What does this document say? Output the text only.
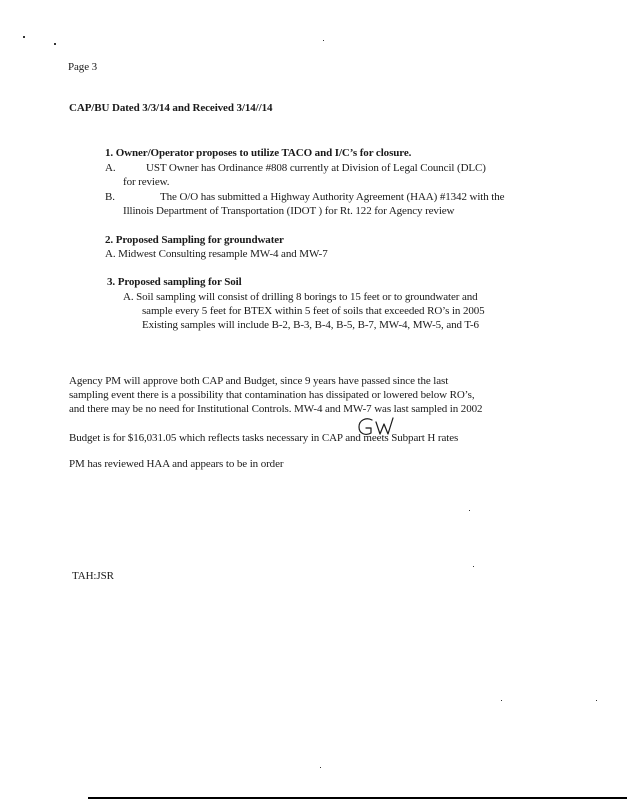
Page 3
CAP/BU Dated 3/3/14 and Received 3/14//14
1. Owner/Operator proposes to utilize TACO and I/C’s for closure.
A.	UST Owner has Ordinance #808 currently at Division of Legal Council (DLC)
for review.
B.	The O/O has submitted a Highway Authority Agreement (HAA) #1342 with the
Illinois Department of Transportation (IDOT ) for Rt. 122 for Agency review
2. Proposed Sampling for groundwater
A. Midwest Consulting resample MW-4 and MW-7
3. Proposed sampling for Soil
A. Soil sampling will consist of drilling 8 borings to 15 feet or to groundwater and
sample every 5 feet for BTEX within 5 feet of soils that exceeded RO’s in 2005
Existing samples will include B-2, B-3, B-4, B-5, B-7, MW-4, MW-5, and T-6
Agency PM will approve both CAP and Budget, since 9 years have passed since the last
sampling event there is a possibility that contamination has dissipated or lowered below RO’s,
and there may be no need for Institutional Controls. MW-4 and MW-7 was last sampled in 2002
Budget is for $16,031.05 which reflects tasks necessary in CAP and meets Subpart H rates
PM has reviewed HAA and appears to be in order
TAH:JSR
